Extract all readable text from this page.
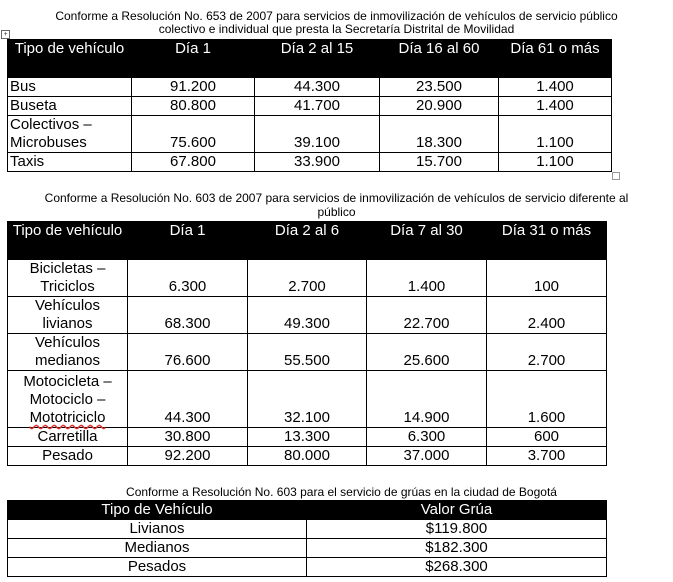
Conforme a Resolución No. 653 de 2007 para servicios de inmovilización de vehículos de servicio público
colectivo e individual que presta la Secretaría Distrital de Movilidad
+
Tipo de vehículo	Día 1	Día 2 al 15	Día 16 al 60	Día 61 o más
Bus	91.200	44.300	23.500	1.400
Buseta	80.800	41.700	20.900	1.400
Colectivos – Microbuses	75.600	39.100	18.300	1.100
Taxis	67.800	33.900	15.700	1.100
Conforme a Resolución No. 603 de 2007 para servicios de inmovilización de vehículos de servicio diferente al
público
Tipo de vehículo	Día 1	Día 2 al 6	Día 7 al 30	Día 31 o más
Bicicletas – Triciclos	6.300	2.700	1.400	100
Vehículos livianos	68.300	49.300	22.700	2.400
Vehículos medianos	76.600	55.500	25.600	2.700

Motocicleta –
Motociclo –
Mototriciclo	44.300	32.100	14.900	1.600
Carretilla	30.800	13.300	6.300	600
Pesado	92.200	80.000	37.000	3.700
Conforme a Resolución No. 603 para el servicio de grúas en la ciudad de Bogotá
Tipo de Vehículo	Valor Grúa
Livianos	$119.800
Medianos	$182.300
Pesados	$268.300
